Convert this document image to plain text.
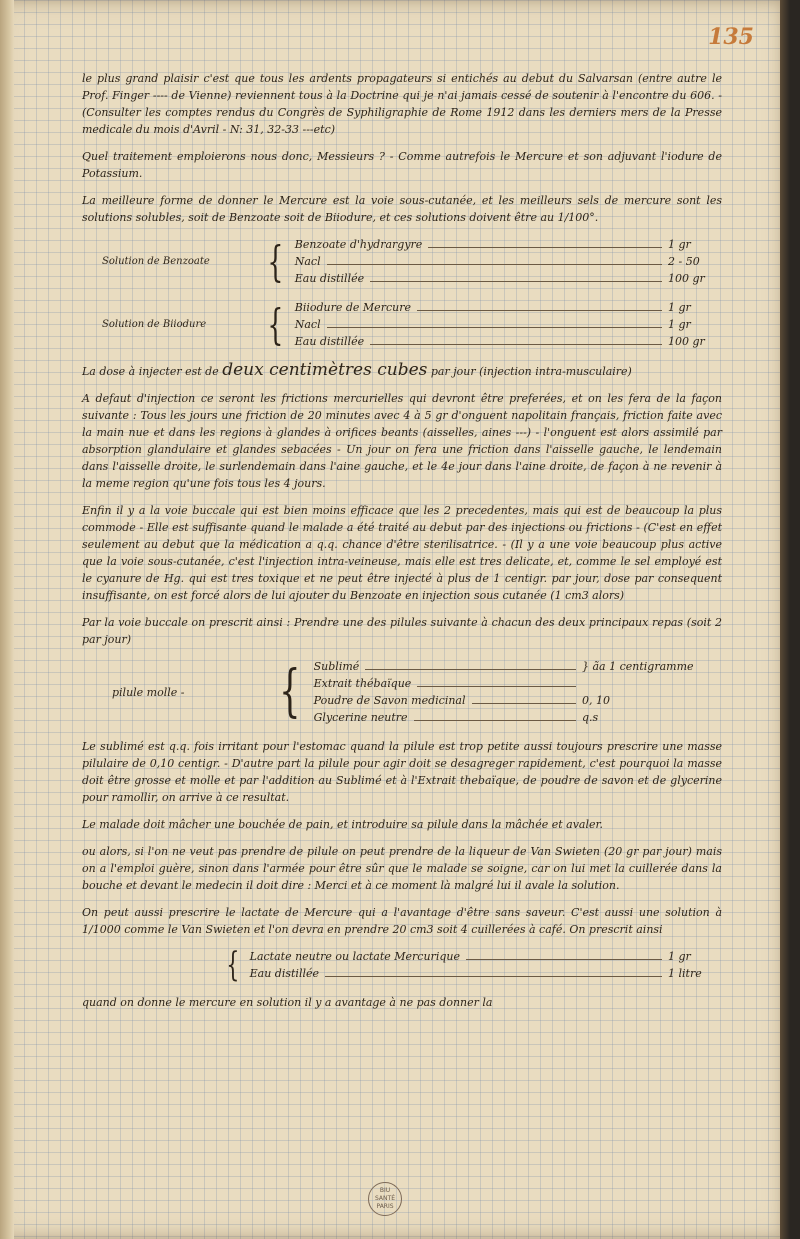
135

le plus grand plaisir c'est que tous les ardents propagateurs si entichés au debut du Salvarsan (entre autre le Prof. Finger ---- de Vienne) reviennent tous à la Doctrine qui je n'ai jamais cessé de soutenir à l'encontre du 606. - (Consulter les comptes rendus du Congrès de Syphiligraphie de Rome 1912 dans les derniers mers de la Presse medicale du mois d'Avril - N: 31, 32-33 ---etc)

Quel traitement emploierons nous donc, Messieurs ? - Comme autrefois le Mercure et son adjuvant l'iodure de Potassium.

La meilleure forme de donner le Mercure est la voie sous-cutanée, et les meilleurs sels de mercure sont les solutions solubles, soit de Benzoate soit de Biiodure, et ces solutions doivent être au 1/100°.

Solution de Benzoate	{ Benzoate d'hydrargyre	1 gr
Nacl	2 - 50
Eau distillée	100 gr
Solution de Biiodure	{ Biiodure de Mercure	1 gr
Nacl	1 gr
Eau distillée	100 gr

La dose à injecter est de deux centimètres cubes par jour (injection intra-musculaire)

A defaut d'injection ce seront les frictions mercurielles qui devront être preferées, et on les fera de la façon suivante : Tous les jours une friction de 20 minutes avec 4 à 5 gr d'onguent napolitain français, friction faite avec la main nue et dans les regions à glandes à orifices beants (aisselles, aines ---) - l'onguent est alors assimilé par absorption glandulaire et glandes sebacées - Un jour on fera une friction dans l'aisselle gauche, le lendemain dans l'aisselle droite, le surlendemain dans l'aine gauche, et le 4e jour dans l'aine droite, de façon à ne revenir à la meme region qu'une fois tous les 4 jours.

Enfin il y a la voie buccale qui est bien moins efficace que les 2 precedentes, mais qui est de beaucoup la plus commode - Elle est suffisante quand le malade a été traité au debut par des injections ou frictions - (C'est en effet seulement au debut que la médication a q.q. chance d'être sterilisatrice. - (Il y a une voie beaucoup plus active que la voie sous-cutanée, c'est l'injection intra-veineuse, mais elle est tres delicate, et, comme le sel employé est le cyanure de Hg. qui est tres toxique et ne peut être injecté à plus de 1 centigr. par jour, dose par consequent insuffisante, on est forcé alors de lui ajouter du Benzoate en injection sous cutanée (1 cm3 alors)

Par la voie buccale on prescrit ainsi : Prendre une des pilules suivante à chacun des deux principaux repas (soit 2 par jour)

pilule molle -	{ Sublimé	} ãa 1 centigramme
Extrait thébaïque
Poudre de Savon medicinal	0, 10
Glycerine neutre	q.s

Le sublimé est q.q. fois irritant pour l'estomac quand la pilule est trop petite aussi toujours prescrire une masse pilulaire de 0,10 centigr. - D'autre part la pilule pour agir doit se desagreger rapidement, c'est pourquoi la masse doit être grosse et molle et par l'addition au Sublimé et à l'Extrait thebaïque, de poudre de savon et de glycerine pour ramollir, on arrive à ce resultat.

Le malade doit mâcher une bouchée de pain, et introduire sa pilule dans la mâchée et avaler.

ou alors, si l'on ne veut pas prendre de pilule on peut prendre de la liqueur de Van Swieten (20 gr par jour) mais on a l'emploi guère, sinon dans l'armée pour être sûr que le malade se soigne, car on lui met la cuillerée dans la bouche et devant le medecin il doit dire : Merci et à ce moment là malgré lui il avale la solution.

On peut aussi prescrire le lactate de Mercure qui a l'avantage d'être sans saveur. C'est aussi une solution à 1/1000 comme le Van Swieten et l'on devra en prendre 20 cm3 soit 4 cuillerées à café. On prescrit ainsi

{ Lactate neutre ou lactate Mercurique	1 gr
Eau distillée	1 litre

quand on donne le mercure en solution il y a avantage à ne pas donner la

BIU
SANTÉ
PARIS
